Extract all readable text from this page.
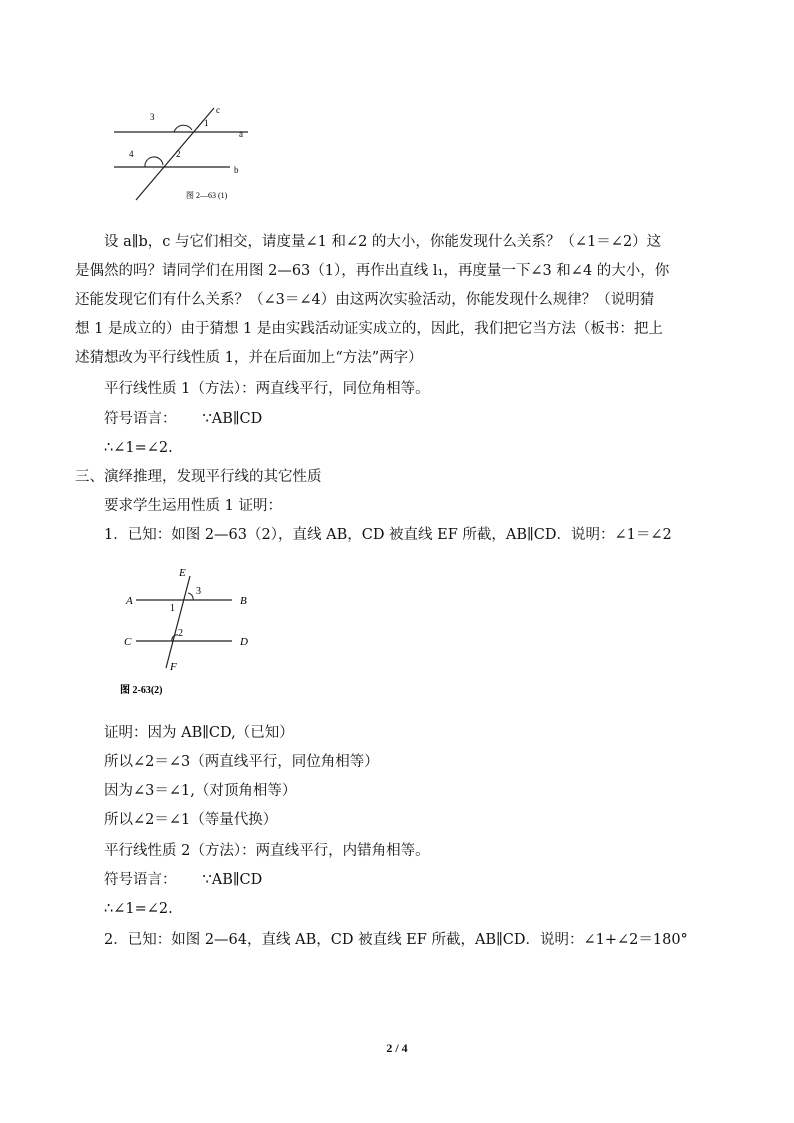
3
1
c
a
4	2
b
图 2—63 (1)
设 a∥b，c 与它们相交，请度量∠1 和∠2 的大小，你能发现什么关系？（∠1＝∠2）这
是偶然的吗？请同学们在用图 2—63（1），再作出直线 l₁，再度量一下∠3 和∠4 的大小，你
还能发现它们有什么关系？（∠3＝∠4）由这两次实验活动，你能发现什么规律？（说明猜
想 1 是成立的）由于猜想 1 是由实践活动证实成立的，因此，我们把它当方法（板书：把上
述猜想改为平行线性质 1，并在后面加上“方法”两字）
平行线性质 1（方法）：两直线平行，同位角相等。
符号语言： ∵AB∥CD
∴∠1=∠2.
三、演绎推理，发现平行线的其它性质
要求学生运用性质 1 证明：
1．已知：如图 2—63（2），直线 AB，CD 被直线 EF 所截，AB∥CD．说明：∠1＝∠2
E
3
A	B
1
C
2
D
F
图 2-63(2)
证明：因为 AB∥CD,（已知）
所以∠2＝∠3（两直线平行，同位角相等）
因为∠3＝∠1,（对顶角相等）
所以∠2＝∠1（等量代换）
平行线性质 2（方法）：两直线平行，内错角相等。
符号语言： ∵AB∥CD
∴∠1=∠2.
2．已知：如图 2—64，直线 AB，CD 被直线 EF 所截，AB∥CD．说明：∠1+∠2＝180°
2 / 4
